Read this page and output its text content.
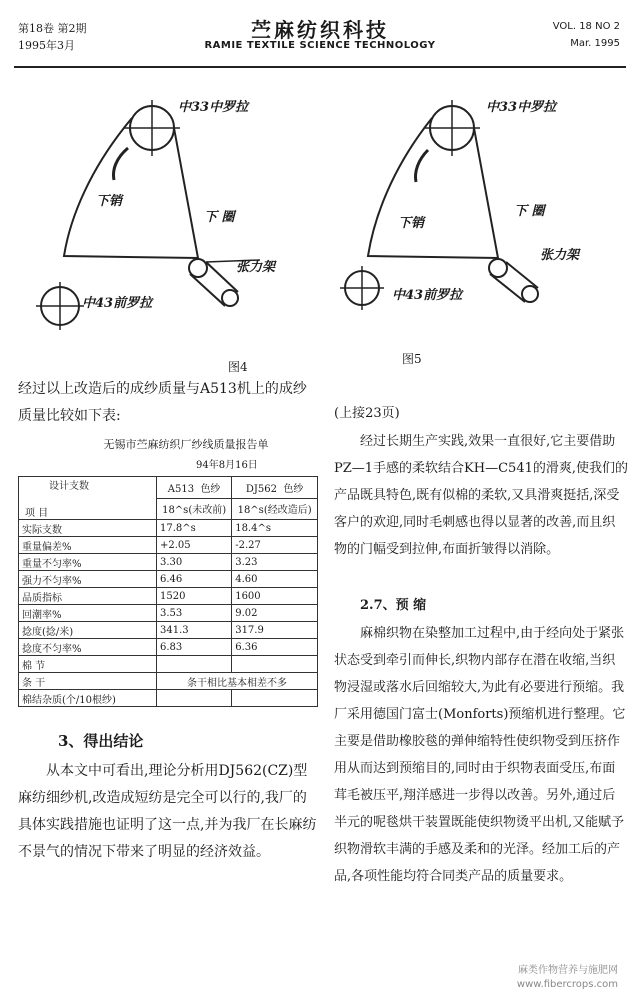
第18卷 第2期
1995年3月
苎麻纺织科技
RAMIE TEXTILE SCIENCE TECHNOLOGY
VOL. 18 NO 2
Mar. 1995
中33中罗拉
下销
下 圈
张力架
中43前罗拉
图4
中33中罗拉
下销
下 圈
张力架
中43前罗拉
图5
经过以上改造后的成纱质量与A513机上的成纱质量比较如下表:
无锡市苎麻纺织厂纱线质量报告单
94年8月16日
设计支数
项 目	A513 色纱	DJ562 色纱
	18^s(未改前)	18^s(经改造后)
实际支数	17.8^s	18.4^s
重量偏差%	+2.05	-2.27
重量不匀率%	3.30	3.23
强力不匀率%	6.46	4.60
品质指标	1520	1600
回潮率%	3.53	9.02
捻度(捻/米)	341.3	317.9
捻度不匀率%	6.83	6.36
棉 节		
条 干	条干相比基本相差不多	
棉结杂质(个/10根纱)		
3、得出结论
从本文中可看出,理论分析用DJ562(CZ)型麻纺细纱机,改造成短纺是完全可以行的,我厂的具体实践措施也证明了这一点,并为我厂在长麻纺不景气的情况下带来了明显的经济效益。
(上接23页)
经过长期生产实践,效果一直很好,它主要借助PZ—1手感的柔软结合KH—C541的滑爽,使我们的产品既具特色,既有似棉的柔软,又具滑爽挺括,深受客户的欢迎,同时毛刺感也得以显著的改善,而且织物的门幅受到拉伸,布面折皱得以消除。
2.7、预 缩
麻棉织物在染整加工过程中,由于经向处于紧张状态受到牵引而伸长,织物内部存在潜在收缩,当织物浸湿或落水后回缩较大,为此有必要进行预缩。我厂采用德国门富士(Monforts)预缩机进行整理。它主要是借助橡胶毯的弹伸缩特性使织物受到压挤作用从而达到预缩目的,同时由于织物表面受压,布面茸毛被压平,翔洋感进一步得以改善。另外,通过后半元的呢毯烘干装置既能使织物烫平出机,又能赋予织物滑软丰满的手感及柔和的光泽。经加工后的产品,各项性能均符合同类产品的质量要求。
麻类作物营养与施肥网
www.fibercrops.com
